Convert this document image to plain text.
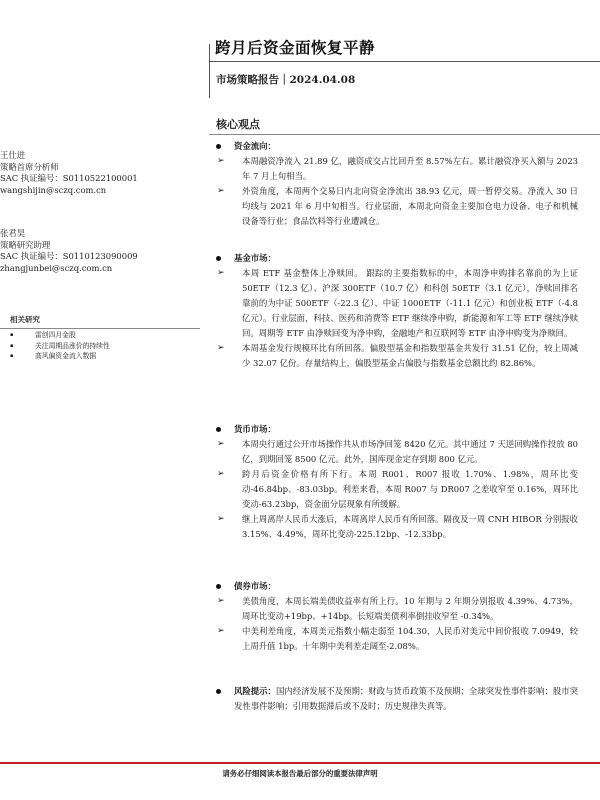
跨月后资金面恢复平静
市场策略报告｜2024.04.08
核心观点
王仕进
策略首席分析师
SAC 执证编号：S0110522100001
wangshijin@sczq.com.cn
张君昊
策略研究助理
SAC 执证编号：S0110123090009
zhangjunbei@sczq.com.cn
相关研究
▪ 雷创四月金股
▪ 关注周期品涨价的持续性
▪ 高风偏资金流入数据
资金流向：
➢ 本周融资净流入 21.89 亿，融资成交占比回升至 8.57%左右。累计融资净买入额与 2023 年 7 月上旬相当。
➢ 外资角度，本周两个交易日内北向资金净流出 38.93 亿元，周一暂停交易。净流入 30 日均线与 2021 年 6 月中旬相当。行业层面，本周北向资金主要加仓电力设备、电子和机械设备等行业；食品饮料等行业遭减仓。
基金市场：
➢ 本周 ETF 基金整体上净赎回。 跟踪的主要指数标的中，本周净申购排名靠前的为上证 50ETF（12.3 亿）、沪深 300ETF（10.7 亿）和科创 50ETF（3.1 亿元），净赎回排名靠前的为中证 500ETF（-22.3 亿）、中证 1000ETF（-11.1 亿元）和创业板 ETF（-4.8 亿元）。行业层面，科技、医药和消费等 ETF 继续净申购，新能源和军工等 ETF 继续净赎回。周期等 ETF 由净赎回变为净申购，金融地产和互联网等 ETF 由净申购变为净赎回。
➢ 本周基金发行规模环比有所回落。偏股型基金和指数型基金共发行 31.51 亿份，较上周减少 32.07 亿份。存量结构上，偏股型基金占偏股与指数基金总额比约 82.86%。
货币市场：
➢ 本周央行通过公开市场操作共从市场净回笼 8420 亿元。其中通过 7 天逆回购操作投放 80 亿，到期回笼 8500 亿元。此外，国库现金定存到期 800 亿元。
➢ 跨月后资金价格有所下行。本周 R001、R007 报收 1.70%、1.98%，周环比变动-46.84bp、-83.03bp。利差来看，本周 R007 与 DR007 之差收窄至 0.16%，周环比变动-63.23bp，资金面分层现象有所缓解。
➢ 继上周离岸人民币大涨后，本周离岸人民币有所回落。隔夜及一周 CNH HIBOR 分别报收 3.15%、4.49%，周环比变动-225.12bp、-12.33bp。
债券市场：
➢ 美债角度，本周长端美债收益率有所上行。10 年期与 2 年期分别报收 4.39%、4.73%，周环比变动+19bp、+14bp。长短端美债利率倒挂收窄至 -0.34%。
➢ 中美利差角度，本周美元指数小幅走弱至 104.30，人民币对美元中间价报收 7.0949，较上周升值 1bp。十年期中美利差走阔至-2.08%。
风险提示：国内经济发展不及预期；财政与货币政策不及预期；全球突发性事件影响；股市突发性事件影响；引用数据滞后或不及时；历史规律失真等。
请务必仔细阅读本报告最后部分的重要法律声明
